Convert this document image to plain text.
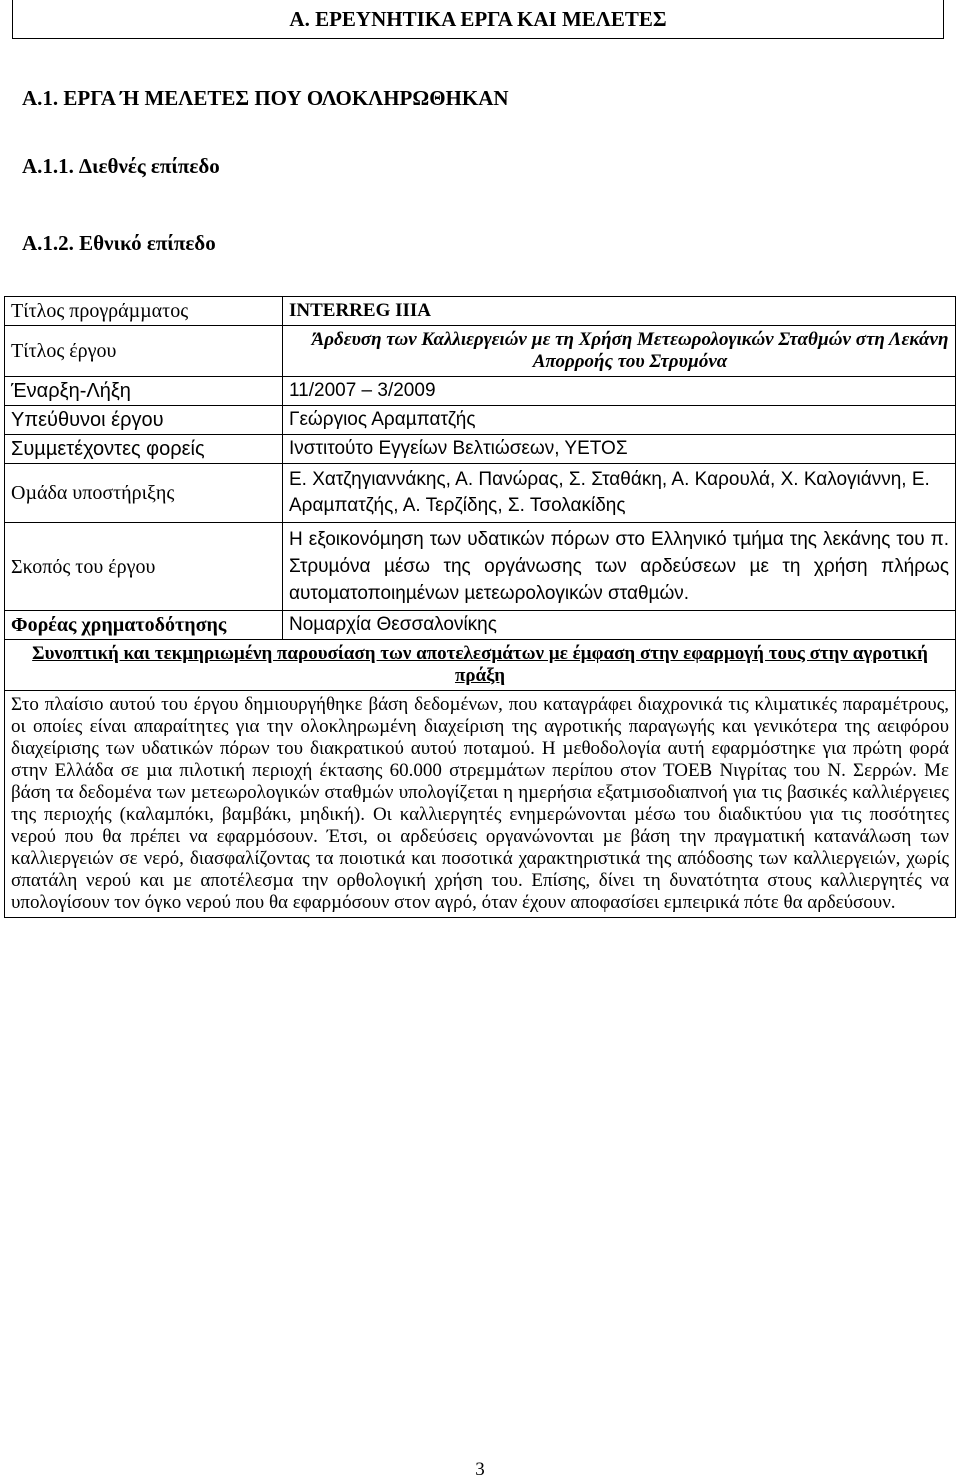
Α. ΕΡΕΥΝΗΤΙΚΑ ΕΡΓΑ ΚΑΙ ΜΕΛΕΤΕΣ
Α.1. ΕΡΓΑ Ή ΜΕΛΕΤΕΣ ΠΟΥ ΟΛΟΚΛΗΡΩΘΗΚΑΝ
Α.1.1. ∆ιεθνές επίπεδο
Α.1.2. Εθνικό επίπεδο
Τίτλος προγράµµατος	INTERREG IIIA
Τίτλος έργου	Άρδευση των Καλλιεργειών µε τη Χρήση Μετεωρολογικών Σταθµών στη Λεκάνη Απορροής του Στρυµόνα
Έναρξη-Λήξη	11/2007 – 3/2009
Υπεύθυνοι έργου	Γεώργιος Αραµπατζής
Συµµετέχοντες φορείς	Ινστιτούτο Εγγείων Βελτιώσεων, ΥΕΤΟΣ
Οµάδα υποστήριξης	Ε. Χατζηγιαννάκης, Α. Πανώρας, Σ. Σταθάκη, Α. Καρουλά, Χ. Καλογιάννη, Ε. Αραµπατζής, Α. Τερζίδης, Σ. Τσολακίδης
Σκοπός του έργου	Η εξοικονόµηση των υδατικών πόρων στο Ελληνικό τµήµα της λεκάνης του π. Στρυµόνα µέσω της οργάνωσης των αρδεύσεων µε τη χρήση πλήρως αυτοµατοποιηµένων µετεωρολογικών σταθµών.
Φορέας χρηµατοδότησης	Νοµαρχία Θεσσαλονίκης
Συνοπτική και τεκµηριωµένη παρουσίαση των αποτελεσµάτων µε έµφαση στην εφαρµογή τους στην αγροτική πράξη	
Στο πλαίσιο αυτού του έργου δηµιουργήθηκε βάση δεδοµένων, που καταγράφει διαχρονικά τις κλιµατικές παραµέτρους, οι οποίες είναι απαραίτητες για την ολοκληρωµένη διαχείριση της αγροτικής παραγωγής και γενικότερα της αειφόρου διαχείρισης των υδατικών πόρων του διακρατικού αυτού ποταµού. Η µεθοδολογία αυτή εφαρµόστηκε για πρώτη φορά στην Ελλάδα σε µια πιλοτική περιοχή έκτασης 60.000 στρεµµάτων περίπου στον ΤΟΕΒ Νιγρίτας του Ν. Σερρών. Με βάση τα δεδοµένα των µετεωρολογικών σταθµών υπολογίζεται η ηµερήσια εξατµισοδιαπνοή για τις βασικές καλλιέργειες της περιοχής (καλαµπόκι, βαµβάκι, µηδική). Οι καλλιεργητές ενηµερώνονται µέσω του διαδικτύου για τις ποσότητες νερού που θα πρέπει να εφαρµόσουν. Έτσι, οι αρδεύσεις οργανώνονται µε βάση την πραγµατική κατανάλωση των καλλιεργειών σε νερό, διασφαλίζοντας τα ποιοτικά και ποσοτικά χαρακτηριστικά της απόδοσης των καλλιεργειών, χωρίς σπατάλη νερού και µε αποτέλεσµα την ορθολογική χρήση του. Επίσης, δίνει τη δυνατότητα στους καλλιεργητές να υπολογίσουν τον όγκο νερού που θα εφαρµόσουν στον αγρό, όταν έχουν αποφασίσει εµπειρικά πότε θα αρδεύσουν.	
3
